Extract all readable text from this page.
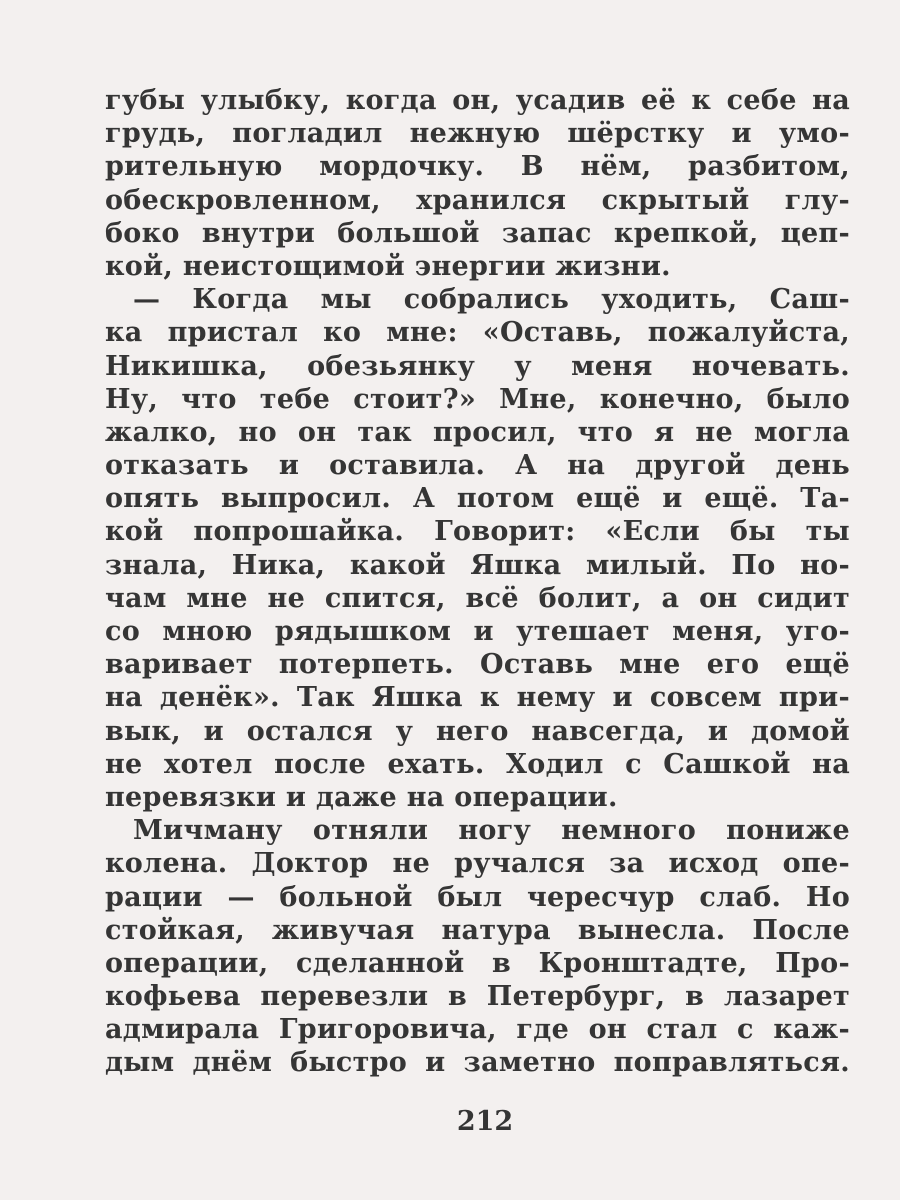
губы улыбку, когда он, усадив её к себе на
грудь, погладил нежную шёрстку и умо-
рительную мордочку. В нём, разбитом,
обескровленном, хранился скрытый глу-
боко внутри большой запас крепкой, цеп-
кой, неистощимой энергии жизни.
— Когда мы собрались уходить, Саш-
ка пристал ко мне: «Оставь, пожалуйста,
Никишка, обезьянку у меня ночевать.
Ну, что тебе стоит?» Мне, конечно, было
жалко, но он так просил, что я не могла
отказать и оставила. А на другой день
опять выпросил. А потом ещё и ещё. Та-
кой попрошайка. Говорит: «Если бы ты
знала, Ника, какой Яшка милый. По но-
чам мне не спится, всё болит, а он сидит
со мною рядышком и утешает меня, уго-
варивает потерпеть. Оставь мне его ещё
на денёк». Так Яшка к нему и совсем при-
вык, и остался у него навсегда, и домой
не хотел после ехать. Ходил с Сашкой на
перевязки и даже на операции.
Мичману отняли ногу немного пониже
колена. Доктор не ручался за исход опе-
рации — больной был чересчур слаб. Но
стойкая, живучая натура вынесла. После
операции, сделанной в Кронштадте, Про-
кофьева перевезли в Петербург, в лазарет
адмирала Григоровича, где он стал с каж-
дым днём быстро и заметно поправляться.
212
